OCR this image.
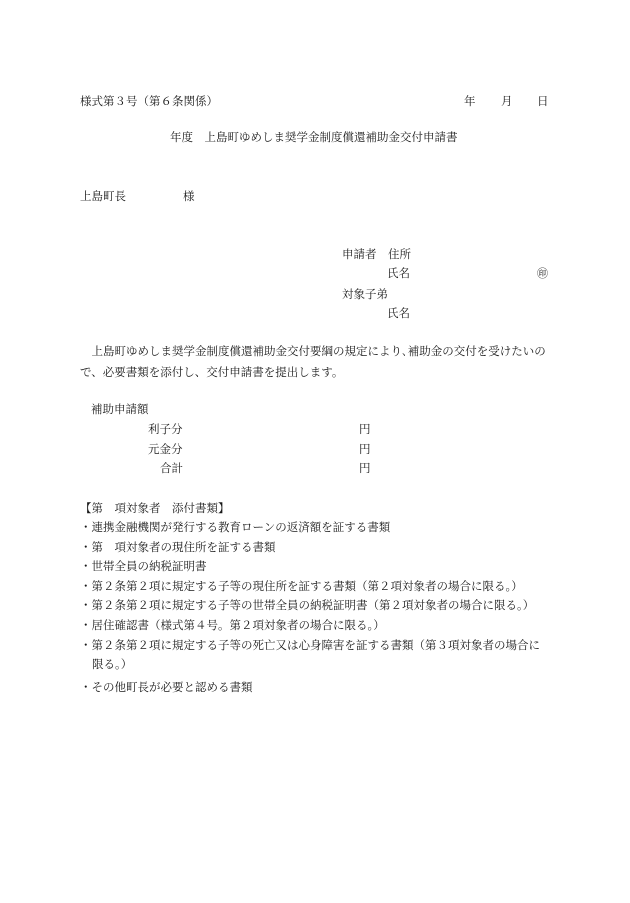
様式第３号（第６条関係）	年 月 日
年度　上島町ゆめしま奨学金制度償還補助金交付申請書
上島町長	様
申請者 住所
氏名	㊞
対象子弟
氏名

　上島町ゆめしま奨学金制度償還補助金交付要綱の規定により､補助金の交付を受けたいの

で、必要書類を添付し、交付申請書を提出します。

補助申請額
利子分	円
元金分	円
合計	円

【第　項対象者　添付書類】

・連携金融機関が発行する教育ローンの返済額を証する書類

・第　項対象者の現住所を証する書類

・世帯全員の納税証明書

・第２条第２項に規定する子等の現住所を証する書類（第２項対象者の場合に限る。）

・第２条第２項に規定する子等の世帯全員の納税証明書（第２項対象者の場合に限る。）

・居住確認書（様式第４号。第２項対象者の場合に限る。）

・第２条第２項に規定する子等の死亡又は心身障害を証する書類（第３項対象者の場合に

限る。）

・その他町長が必要と認める書類
